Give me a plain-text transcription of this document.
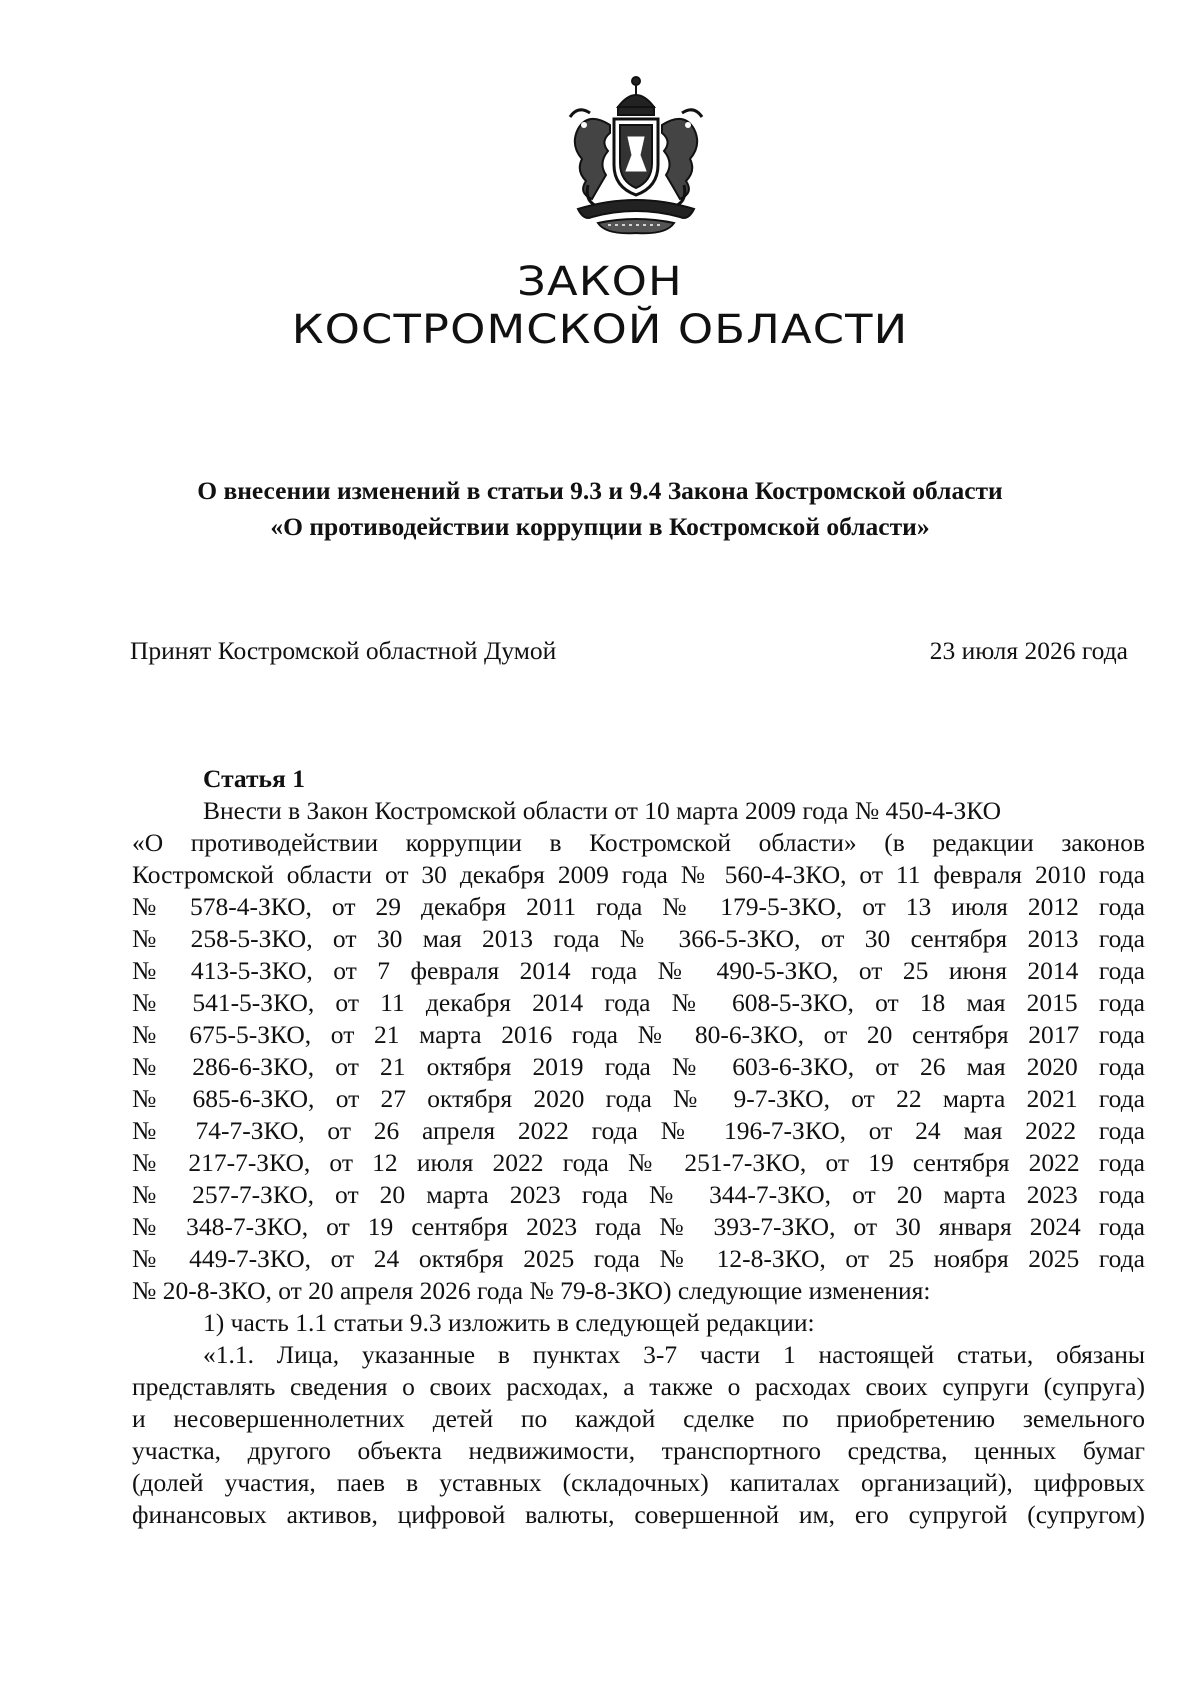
ЗАКОН
КОСТРОМСКОЙ ОБЛАСТИ
О внесении изменений в статьи 9.3 и 9.4 Закона Костромской области
«О противодействии коррупции в Костромской области»
Принят Костромской областной Думой	23 июля 2026 года
Статья 1
Внести в Закон Костромской области от 10 марта 2009 года № 450-4-ЗКО
«О противодействии коррупции в Костромской области» (в редакции законов
Костромской области от 30 декабря 2009 года № 560-4-ЗКО, от 11 февраля 2010 года
№ 578-4-ЗКО, от 29 декабря 2011 года № 179-5-ЗКО, от 13 июля 2012 года
№ 258-5-ЗКО, от 30 мая 2013 года № 366-5-ЗКО, от 30 сентября 2013 года
№ 413-5-ЗКО, от 7 февраля 2014 года № 490-5-ЗКО, от 25 июня 2014 года
№ 541-5-ЗКО, от 11 декабря 2014 года № 608-5-ЗКО, от 18 мая 2015 года
№ 675-5-ЗКО, от 21 марта 2016 года № 80-6-ЗКО, от 20 сентября 2017 года
№ 286-6-ЗКО, от 21 октября 2019 года № 603-6-ЗКО, от 26 мая 2020 года
№ 685-6-ЗКО, от 27 октября 2020 года № 9-7-ЗКО, от 22 марта 2021 года
№ 74-7-ЗКО, от 26 апреля 2022 года № 196-7-ЗКО, от 24 мая 2022 года
№ 217-7-ЗКО, от 12 июля 2022 года № 251-7-ЗКО, от 19 сентября 2022 года
№ 257-7-ЗКО, от 20 марта 2023 года № 344-7-ЗКО, от 20 марта 2023 года
№ 348-7-ЗКО, от 19 сентября 2023 года № 393-7-ЗКО, от 30 января 2024 года
№ 449-7-ЗКО, от 24 октября 2025 года № 12-8-ЗКО, от 25 ноября 2025 года
№ 20-8-ЗКО, от 20 апреля 2026 года № 79-8-ЗКО) следующие изменения:
1) часть 1.1 статьи 9.3 изложить в следующей редакции:
«1.1. Лица, указанные в пунктах 3-7 части 1 настоящей статьи, обязаны
представлять сведения о своих расходах, а также о расходах своих супруги (супруга)
и несовершеннолетних детей по каждой сделке по приобретению земельного
участка, другого объекта недвижимости, транспортного средства, ценных бумаг
(долей участия, паев в уставных (складочных) капиталах организаций), цифровых
финансовых активов, цифровой валюты, совершенной им, его супругой (супругом)
